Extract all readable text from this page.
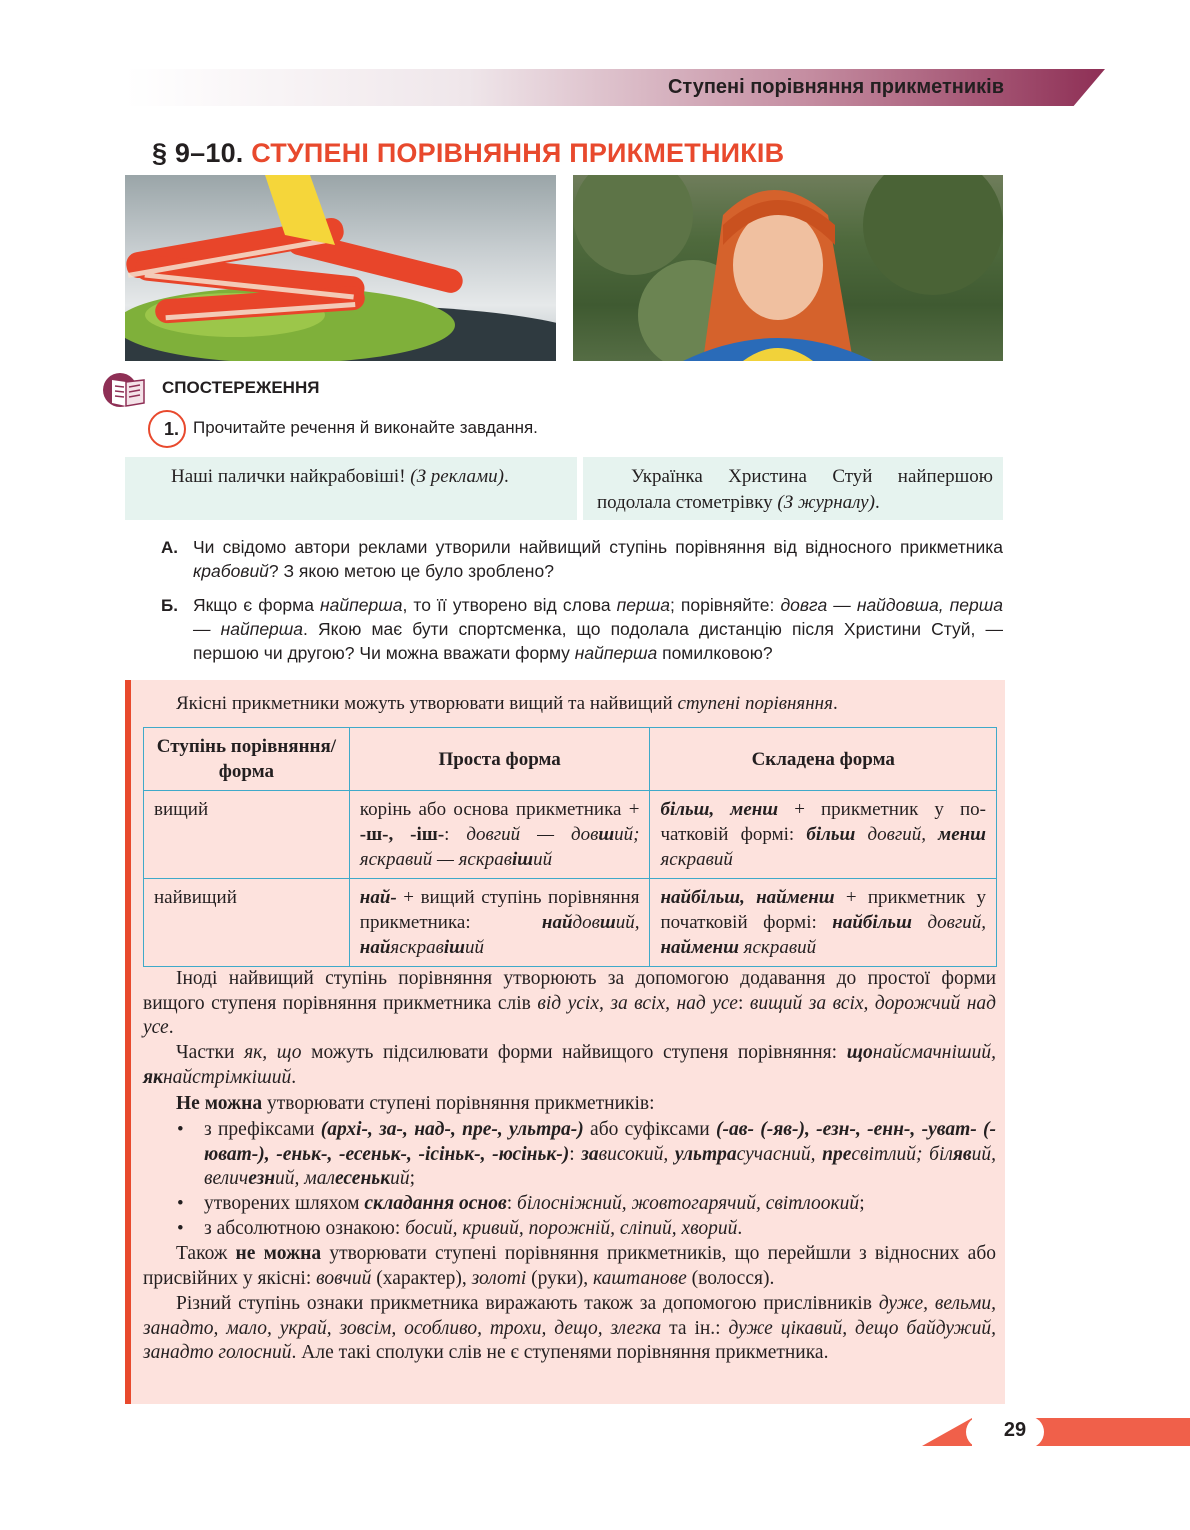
Ступені порівняння прикметників
§ 9–10. СТУПЕНІ ПОРІВНЯННЯ ПРИКМЕТНИКІВ
СПОСТЕРЕЖЕННЯ
1. Прочитайте речення й виконайте завдання.
Наші палички найкрабовіші! (З реклами).	Українка Христина Стуй найпершою подолала стометрівку (З журналу).
А. Чи свідомо автори реклами утворили найвищий ступінь порівняння від відносного прикметника крабовий? З якою метою це було зроблено?
Б. Якщо є форма найперша, то її утворено від слова перша; порівняйте: довга — найдовша, перша — найперша. Якою має бути спортсменка, що подолала дистанцію після Христини Стуй, — першою чи другою? Чи можна вважати форму найперша помилковою?
Якісні прикметники можуть утворювати вищий та найвищий ступені порівняння.
Ступінь порівняння/ форма	Проста форма	Складена форма
вищий	корінь або основа прикметника + -ш-, -іш-: довгий — довший; яскравий — яскравіший	більш, менш + прикметник у початковій формі: більш довгий, менш яскравий
найвищий	най- + вищий ступінь порівняння прикметника: найдовший, найяскравіший	найбільш, найменш + прикметник у початковій формі: найбільш довгий, найменш яскравий
Іноді найвищий ступінь порівняння утворюють за допомогою додавання до простої форми вищого ступеня порівняння прикметника слів від усіх, за всіх, над усе: вищий за всіх, дорожчий над усе.
Частки як, що можуть підсилювати форми найвищого ступеня порівняння: щонайсмачніший, якнайстрімкіший.
Не можна утворювати ступені порівняння прикметників:
• з префіксами (архі-, за-, над-, пре-, ультра-) або суфіксами (-ав- (-яв-), -езн-, -енн-, -уват- (-юват-), -еньк-, -есеньк-, -ісіньк-, -юсіньк-): зависокий, ультрасучасний, пресвітлий; білявий, величезний, малесенький;
• утворених шляхом складання основ: білосніжний, жовтогарячий, світлоокий;
• з абсолютною ознакою: босий, кривий, порожній, сліпий, хворий.
Також не можна утворювати ступені порівняння прикметників, що перейшли з відносних або присвійних у якісні: вовчий (характер), золоті (руки), каштанове (волосся).
Різний ступінь ознаки прикметника виражають також за допомогою прислівників дуже, вельми, занадто, мало, украй, зовсім, особливо, трохи, дещо, злегка та ін.: дуже цікавий, дещо байдужий, занадто голосний. Але такі сполуки слів не є ступенями порівняння прикметника.
29
